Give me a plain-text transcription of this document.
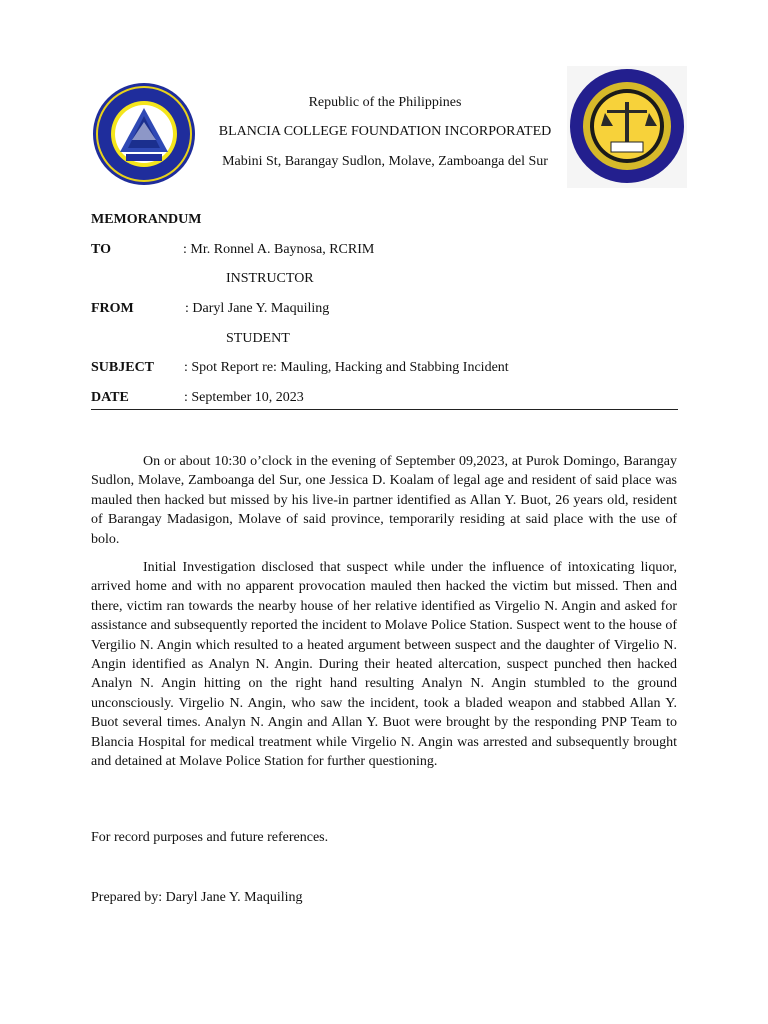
Republic of the Philippines
BLANCIA COLLEGE FOUNDATION INCORPORATED
Mabini St, Barangay Sudlon, Molave, Zamboanga del Sur
MEMORANDUM
TO	: Mr. Ronnel A. Baynosa, RCRIM
INSTRUCTOR
FROM	: Daryl Jane Y. Maquiling
STUDENT
SUBJECT : Spot Report re: Mauling, Hacking and Stabbing Incident
DATE	: September 10, 2023

On or about 10:30 o’clock in the evening of September 09,2023, at Purok Domingo, Barangay Sudlon, Molave, Zamboanga del Sur, one Jessica D. Koalam of legal age and resident of said place was mauled then hacked but missed by his live-in partner identified as Allan Y. Buot, 26 years old, resident of Barangay Madasigon, Molave of said province, temporarily residing at said place with the use of bolo.

Initial Investigation disclosed that suspect while under the influence of intoxicating liquor, arrived home and with no apparent provocation mauled then hacked the victim but missed. Then and there, victim ran towards the nearby house of her relative identified as Virgelio N. Angin and asked for assistance and subsequently reported the incident to Molave Police Station. Suspect went to the house of Vergilio N. Angin which resulted to a heated argument between suspect and the daughter of Virgelio N. Angin identified as Analyn N. Angin. During their heated altercation, suspect punched then hacked Analyn N. Angin hitting on the right hand resulting Analyn N. Angin stumbled to the ground unconsciously. Virgelio N. Angin, who saw the incident, took a bladed weapon and stabbed Allan Y. Buot several times. Analyn N. Angin and Allan Y. Buot were brought by the responding PNP Team to Blancia Hospital for medical treatment while Virgelio N. Angin was arrested and subsequently brought and detained at Molave Police Station for further questioning.

For record purposes and future references.
Prepared by: Daryl Jane Y. Maquiling
